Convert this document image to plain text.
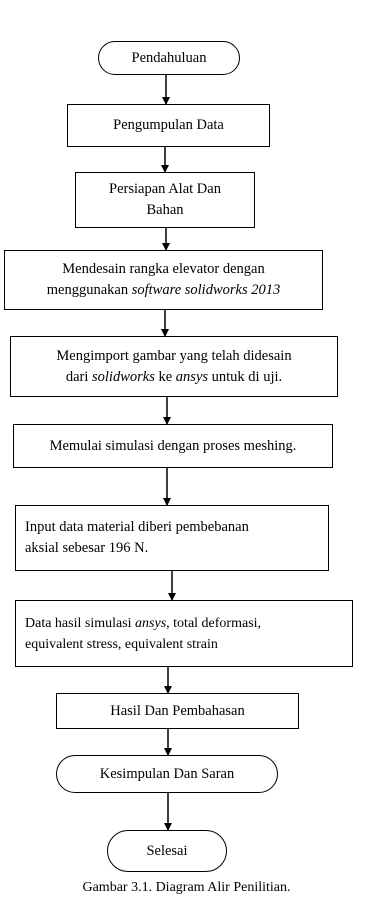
Pendahuluan
Pengumpulan Data
Persiapan Alat Dan
Bahan
Mendesain rangka elevator dengan
menggunakan software solidworks 2013
Mengimport gambar yang telah didesain
dari solidworks ke ansys untuk di uji.
Memulai simulasi dengan proses meshing.
Input data material diberi pembebanan
aksial sebesar 196 N.
Data hasil simulasi ansys, total deformasi,
equivalent stress, equivalent strain
Hasil Dan Pembahasan
Kesimpulan Dan Saran
Selesai
Gambar 3.1. Diagram Alir Penilitian.
